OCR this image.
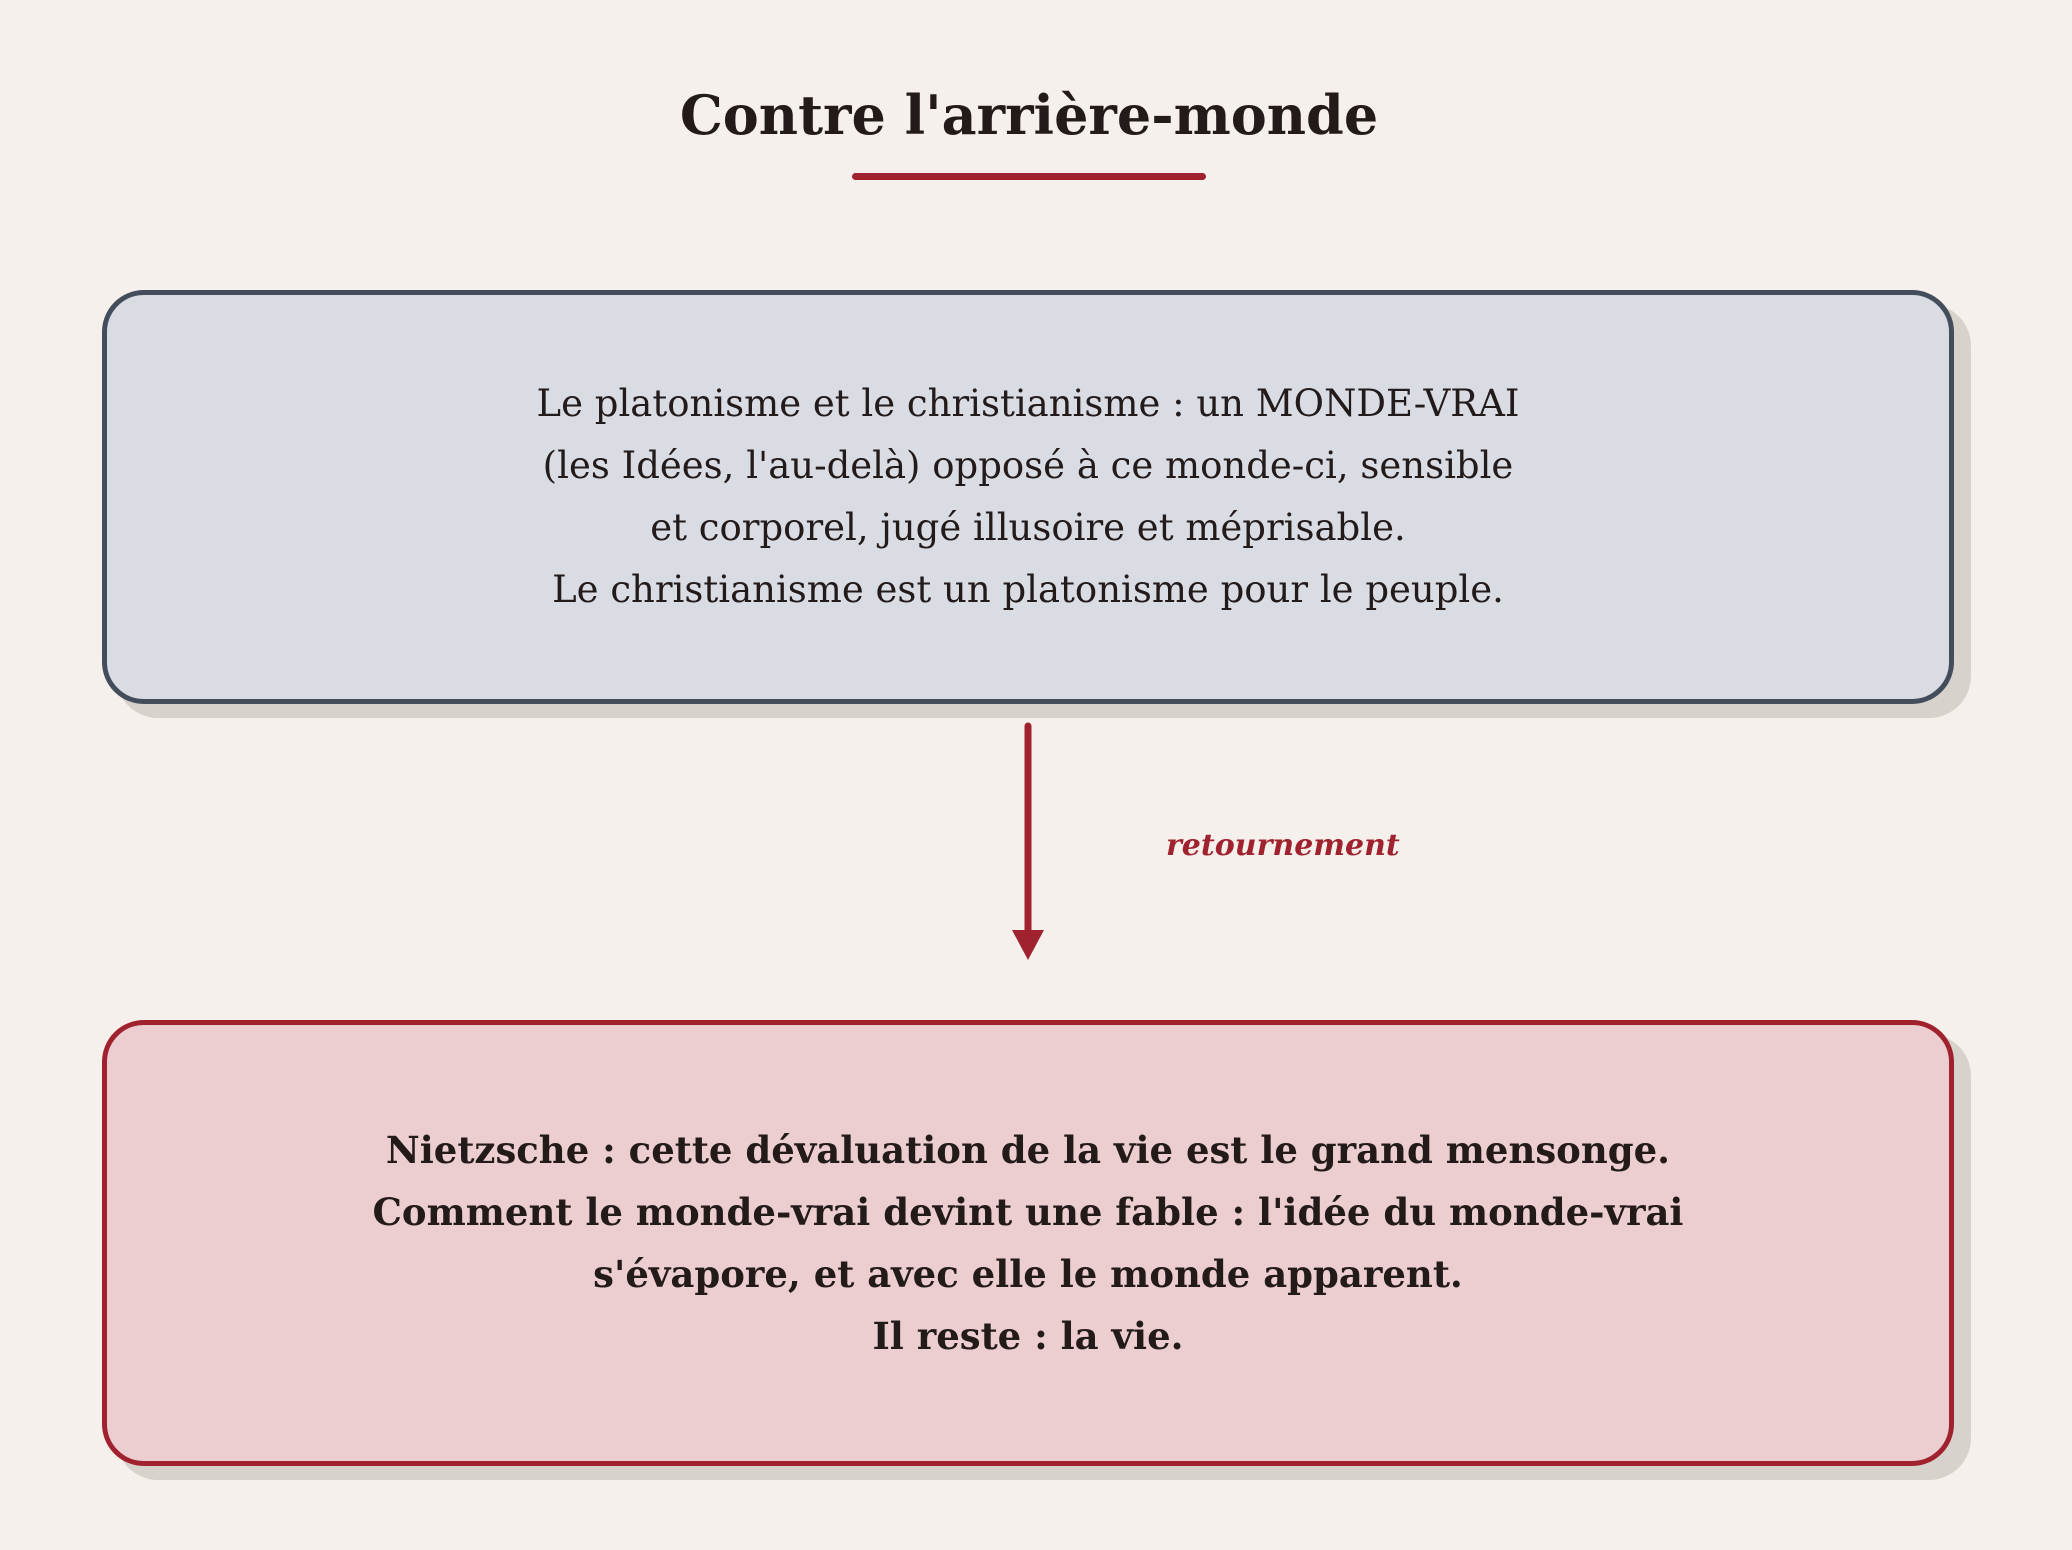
Contre l'arrière-monde
Le platonisme et le christianisme : un MONDE-VRAI
(les Idées, l'au-delà) opposé à ce monde-ci, sensible
et corporel, jugé illusoire et méprisable.
Le christianisme est un platonisme pour le peuple.
retournement
Nietzsche : cette dévaluation de la vie est le grand mensonge.
Comment le monde-vrai devint une fable : l'idée du monde-vrai
s'évapore, et avec elle le monde apparent.
Il reste : la vie.
